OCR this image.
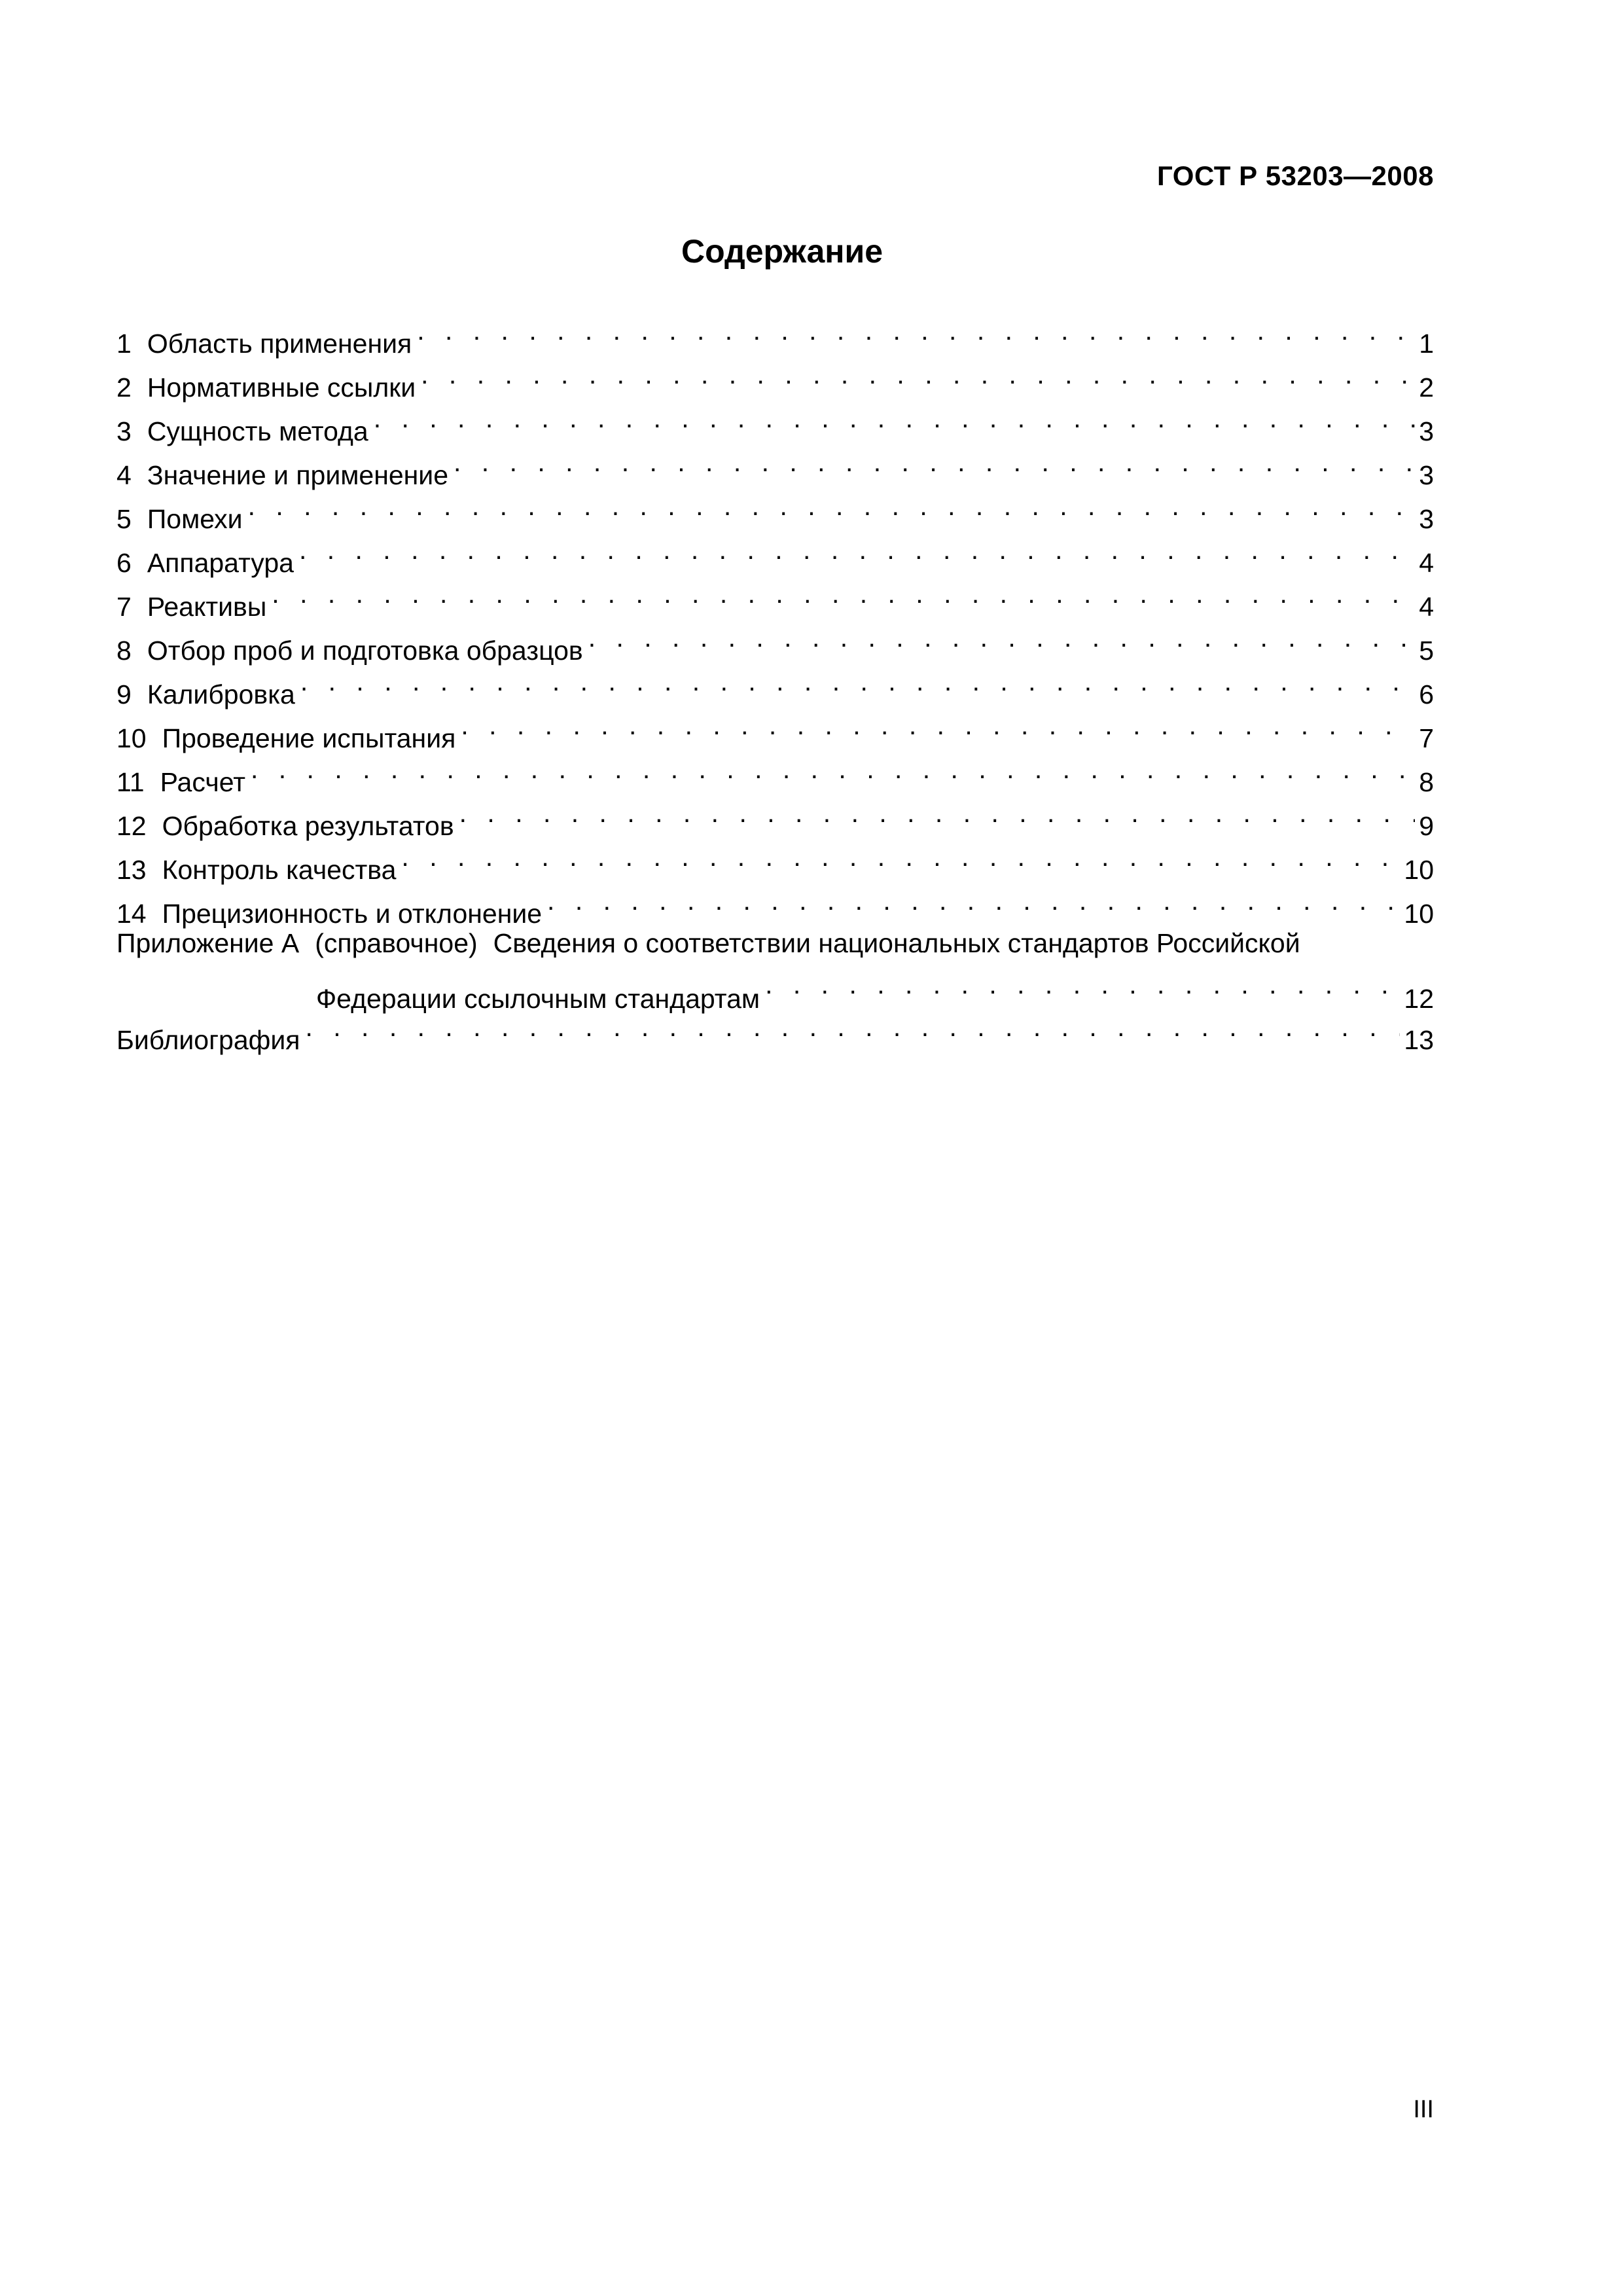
ГОСТ Р 53203—2008
Содержание
1 Область применения . . .	1
2 Нормативные ссылки . . .	2
3 Сущность метода . . .	3
4 Значение и применение . . .	3
5 Помехи . . .	3
6 Аппаратура . . .	4
7 Реактивы . . .	4
8 Отбор проб и подготовка образцов . . .	5
9 Калибровка . . .	6
10 Проведение испытания . . .	7
11 Расчет . . .	8
12 Обработка результатов . . .	9
13 Контроль качества . . .	10
14 Прецизионность и отклонение . . .	10
Приложение А (справочное) Сведения о соответствии национальных стандартов Российской
Федерации ссылочным стандартам . . .	12
Библиография . . .	13
III
